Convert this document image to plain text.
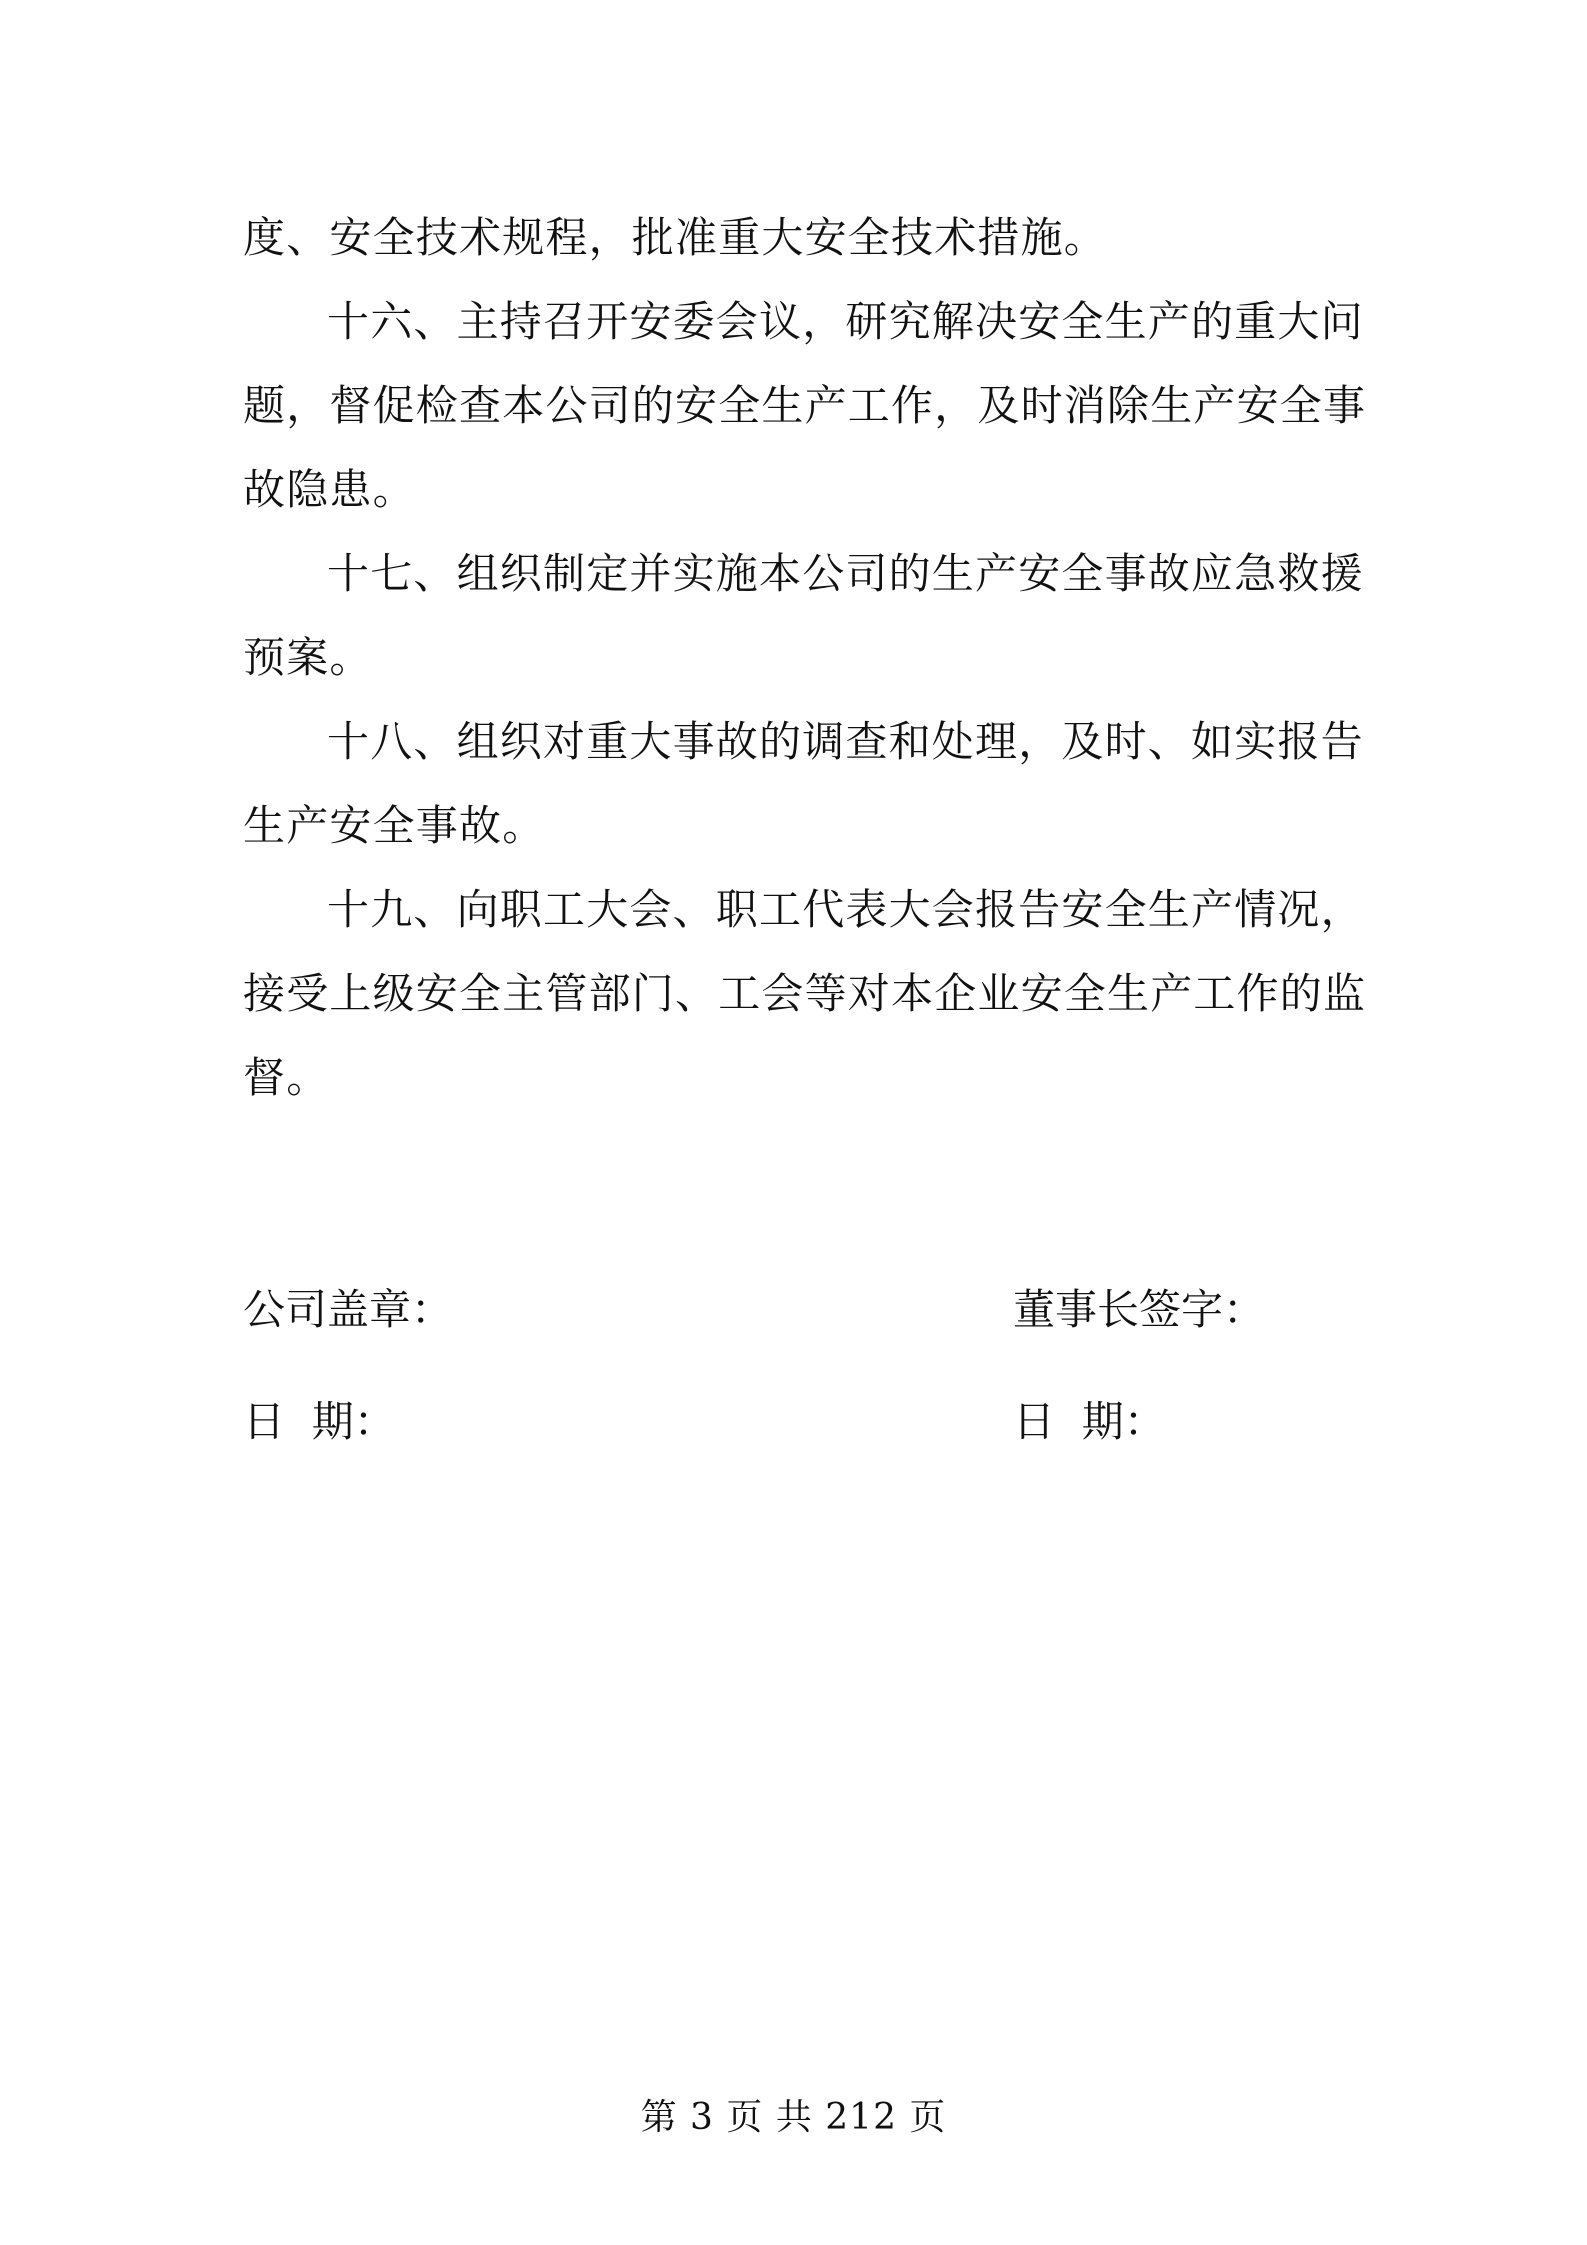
度、安全技术规程，批准重大安全技术措施。
十六、主持召开安委会议，研究解决安全生产的重大问
题，督促检查本公司的安全生产工作，及时消除生产安全事
故隐患。
十七、组织制定并实施本公司的生产安全事故应急救援
预案。
十八、组织对重大事故的调查和处理，及时、如实报告
生产安全事故。
十九、向职工大会、职工代表大会报告安全生产情况，
接受上级安全主管部门、工会等对本企业安全生产工作的监
督。
公司盖章：	董事长签字：
日  期：	日  期：
第 3 页 共 212 页
